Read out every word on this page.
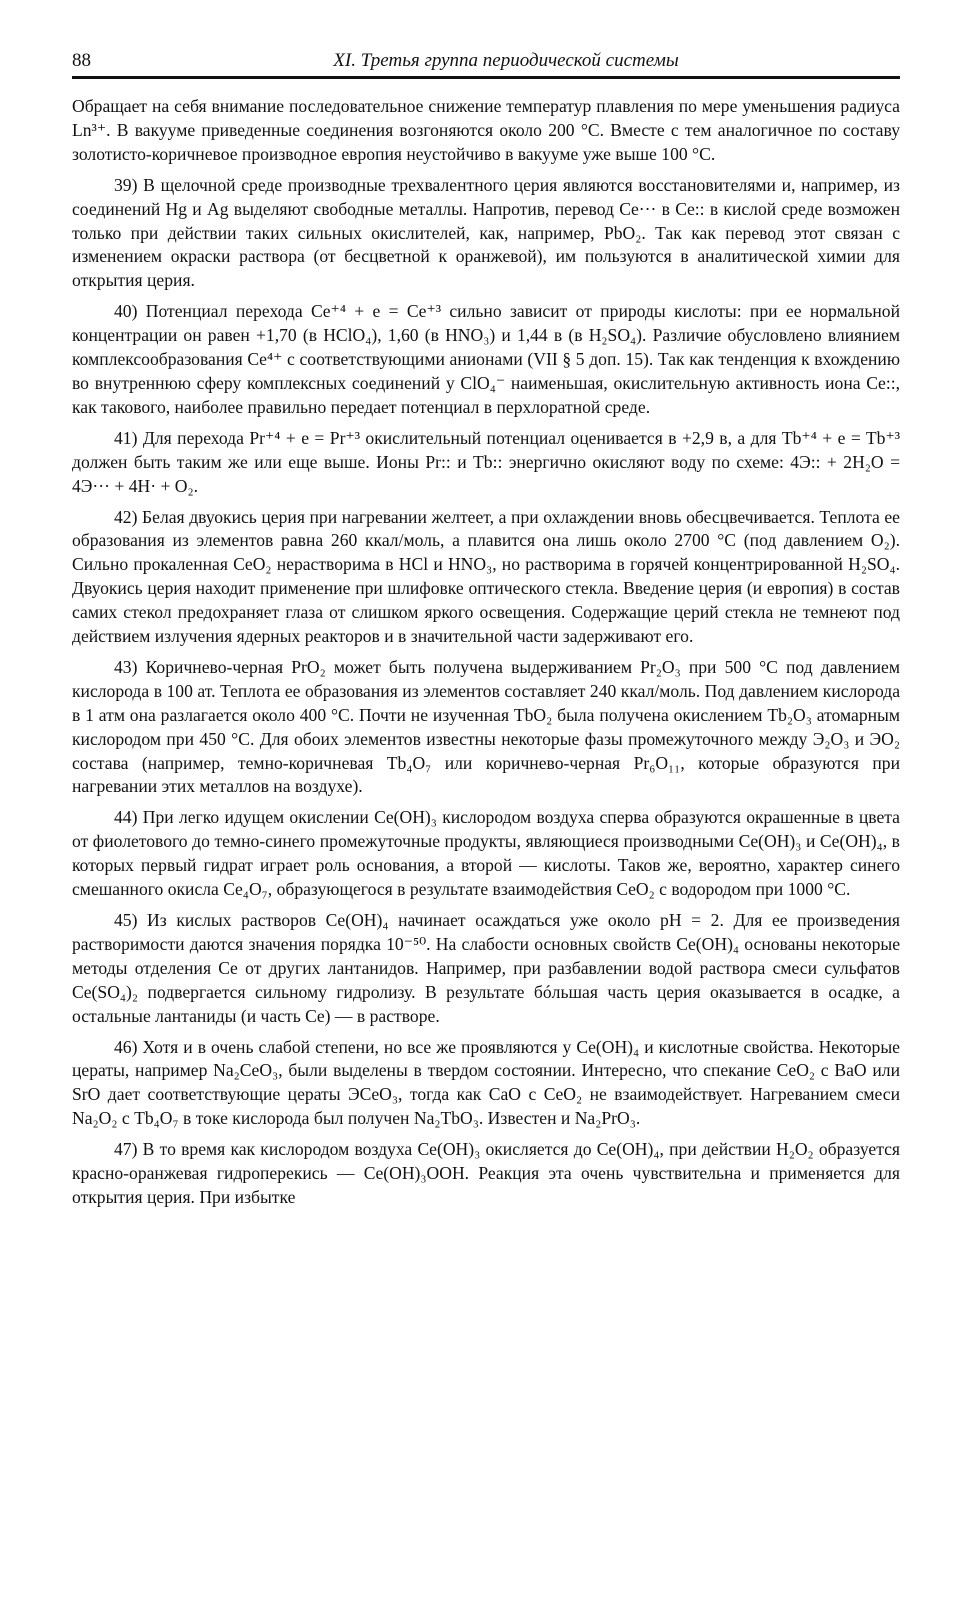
88	XI. Третья группа периодической системы

Обращает на себя внимание последовательное снижение температур плавления по мере уменьшения радиуса Ln³⁺. В вакууме приведенные соединения возгоняются около 200 °С. Вместе с тем аналогичное по составу золотисто-коричневое производное европия неустойчиво в вакууме уже выше 100 °С.

39) В щелочной среде производные трехвалентного церия являются восстановителями и, например, из соединений Hg и Ag выделяют свободные металлы. Напротив, перевод Ce··· в Ce:: в кислой среде возможен только при действии таких сильных окислителей, как, например, PbO₂. Так как перевод этот связан с изменением окраски раствора (от бесцветной к оранжевой), им пользуются в аналитической химии для открытия церия.

40) Потенциал перехода Ce⁺⁴ + e = Ce⁺³ сильно зависит от природы кислоты: при ее нормальной концентрации он равен +1,70 (в HClO₄), 1,60 (в HNO₃) и 1,44 в (в H₂SO₄). Различие обусловлено влиянием комплексообразования Ce⁴⁺ с соответствующими анионами (VII § 5 доп. 15). Так как тенденция к вхождению во внутреннюю сферу комплексных соединений у ClO₄⁻ наименьшая, окислительную активность иона Ce::, как такового, наиболее правильно передает потенциал в перхлоратной среде.

41) Для перехода Pr⁺⁴ + e = Pr⁺³ окислительный потенциал оценивается в +2,9 в, а для Tb⁺⁴ + e = Tb⁺³ должен быть таким же или еще выше. Ионы Pr:: и Tb:: энергично окисляют воду по схеме: 4Э:: + 2H₂O = 4Э··· + 4H· + O₂.

42) Белая двуокись церия при нагревании желтеет, а при охлаждении вновь обесцвечивается. Теплота ее образования из элементов равна 260 ккал/моль, а плавится она лишь около 2700 °С (под давлением O₂). Сильно прокаленная CeO₂ нерастворима в HCl и HNO₃, но растворима в горячей концентрированной H₂SO₄. Двуокись церия находит применение при шлифовке оптического стекла. Введение церия (и европия) в состав самих стекол предохраняет глаза от слишком яркого освещения. Содержащие церий стекла не темнеют под действием излучения ядерных реакторов и в значительной части задерживают его.

43) Коричнево-черная PrO₂ может быть получена выдерживанием Pr₂O₃ при 500 °С под давлением кислорода в 100 ат. Теплота ее образования из элементов составляет 240 ккал/моль. Под давлением кислорода в 1 атм она разлагается около 400 °С. Почти не изученная TbO₂ была получена окислением Tb₂O₃ атомарным кислородом при 450 °С. Для обоих элементов известны некоторые фазы промежуточного между Э₂O₃ и ЭO₂ состава (например, темно-коричневая Tb₄O₇ или коричнево-черная Pr₆O₁₁, которые образуются при нагревании этих металлов на воздухе).

44) При легко идущем окислении Ce(OH)₃ кислородом воздуха сперва образуются окрашенные в цвета от фиолетового до темно-синего промежуточные продукты, являющиеся производными Ce(OH)₃ и Ce(OH)₄, в которых первый гидрат играет роль основания, а второй — кислоты. Таков же, вероятно, характер синего смешанного окисла Ce₄O₇, образующегося в результате взаимодействия CeO₂ с водородом при 1000 °С.

45) Из кислых растворов Ce(OH)₄ начинает осаждаться уже около pH = 2. Для ее произведения растворимости даются значения порядка 10⁻⁵⁰. На слабости основных свойств Ce(OH)₄ основаны некоторые методы отделения Ce от других лантанидов. Например, при разбавлении водой раствора смеси сульфатов Ce(SO₄)₂ подвергается сильному гидролизу. В результате бóльшая часть церия оказывается в осадке, а остальные лантаниды (и часть Ce) — в растворе.

46) Хотя и в очень слабой степени, но все же проявляются у Ce(OH)₄ и кислотные свойства. Некоторые цераты, например Na₂CeO₃, были выделены в твердом состоянии. Интересно, что спекание CeO₂ с BaO или SrO дает соответствующие цераты ЭCeO₃, тогда как CaO с CeO₂ не взаимодействует. Нагреванием смеси Na₂O₂ с Tb₄O₇ в токе кислорода был получен Na₂TbO₃. Известен и Na₂PrO₃.

47) В то время как кислородом воздуха Ce(OH)₃ окисляется до Ce(OH)₄, при действии H₂O₂ образуется красно-оранжевая гидроперекись — Ce(OH)₃OOH. Реакция эта очень чувствительна и применяется для открытия церия. При избытке
